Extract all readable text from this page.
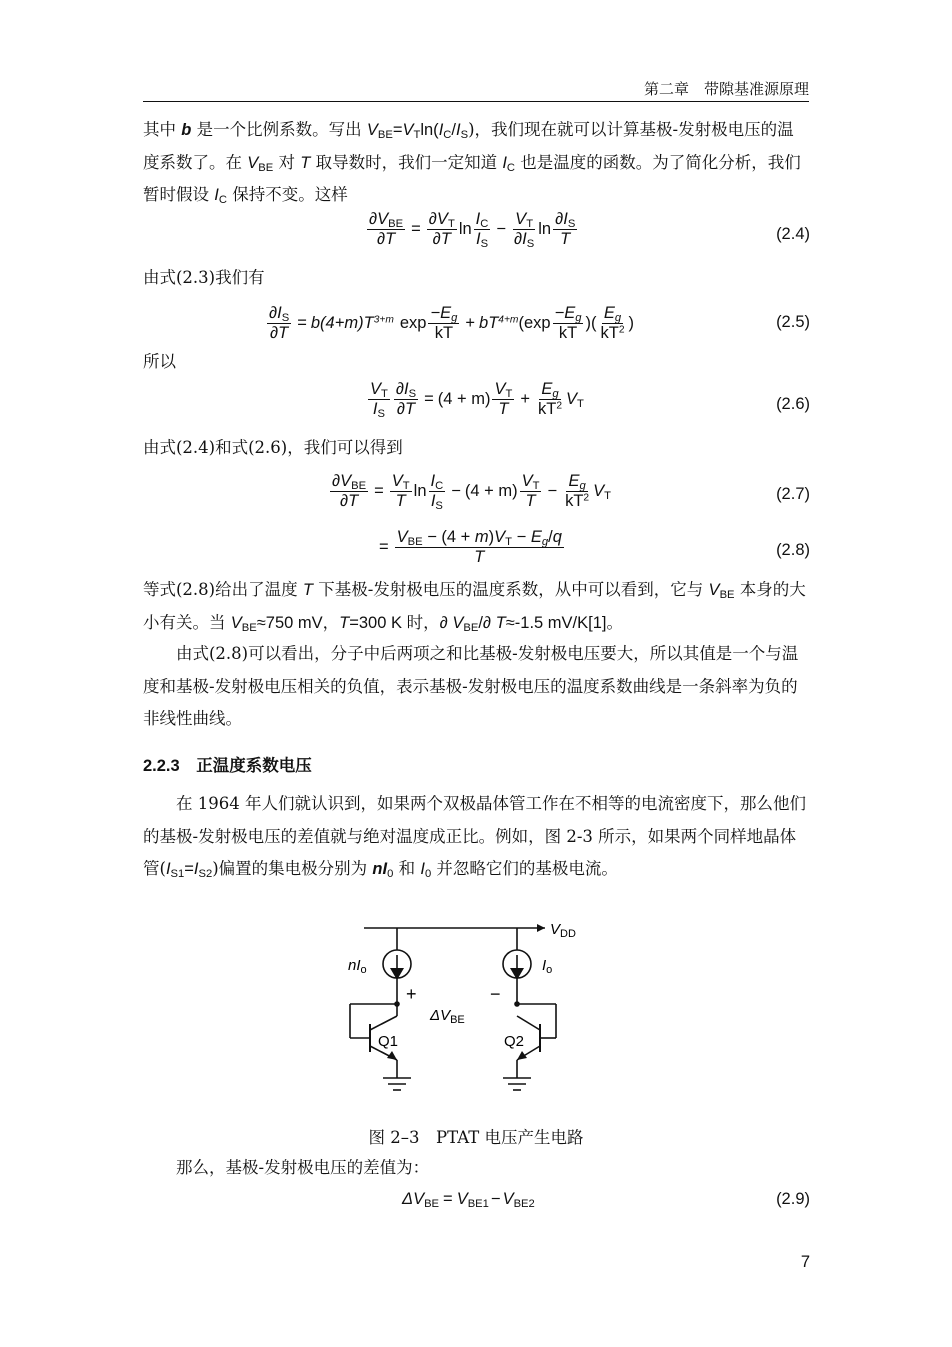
第二章　带隙基准源原理
其中 b 是一个比例系数。写出 $V_{BE}=V_T\ln(I_C/I_S)$，我们现在就可以计算基极-发射极电压的温度系数了。在 $V_{BE}$ 对 T 取导数时，我们一定知道 $I_C$ 也是温度的函数。为了简化分析，我们暂时假设 $I_C$ 保持不变。这样
$\partial V_{BE}$
∂T
= $\frac{\partial V_T}{\partial T}$ ln
$I_C$
$I_S$
− $\frac{V_T}{\partial I_S}$ ln
$\partial I_S$
T	(2.4)
由式(2.3)我们有
$\frac{\partial I_S}{\partial T} = b(4+m)T^{3+m}$ exp
$-E_g$
kT
+ $bT^{4+m}$ (exp
$-E_g$
kT
)(
$E_g$
$kT^2$ )	(2.5)
所以
$V_T$
$I_S \frac{\partial I_S}{\partial T} = (4 + m)$
$V_T$
T
+ $\frac{E_g}{kT^2} V_T$	(2.6)
由式(2.4)和式(2.6)，我们可以得到
$\partial V_{BE}$
∂T
= $\frac{V_T}{T}$ ln
$I_C$
$I_S$
− (4 + m)
$V_T$
T
− $\frac{E_g}{kT^2} V_T$	(2.7)
=
$V_{BE} - (4 + m)V_T - E_g/q$
T	(2.8)
等式(2.8)给出了温度 T 下基极-发射极电压的温度系数，从中可以看到，它与 $V_{BE}$ 本身的大小有关。当 $V_{BE}\approx 750$ mV，T=300 K 时，∂ $V_{BE}/\partial$ T≈-1.5 mV/K[1]。
由式(2.8)可以看出，分子中后两项之和比基极-发射极电压要大，所以其值是一个与温度和基极-发射极电压相关的负值，表示基极-发射极电压的温度系数曲线是一条斜率为负的非线性曲线。
2.2.3　正温度系数电压
在 1964 年人们就认识到，如果两个双极晶体管工作在不相等的电流密度下，那么他们的基极-发射极电压的差值就与绝对温度成正比。例如，图 2-3 所示，如果两个同样地晶体管$(I_{S1}=I_{S2})$偏置的集电极分别为 $nI_0$ 和 $I_0$ 并忽略它们的基极电流。
$V_{DD}$
$nI_o$	$I_o$
+	−
$\Delta V_{BE}$
Q1	Q2
图 2–3　PTAT 电压产生电路
那么，基极-发射极电压的差值为：
$\Delta V_{BE} = V_{BE1} - V_{BE2}$	(2.9)
7
